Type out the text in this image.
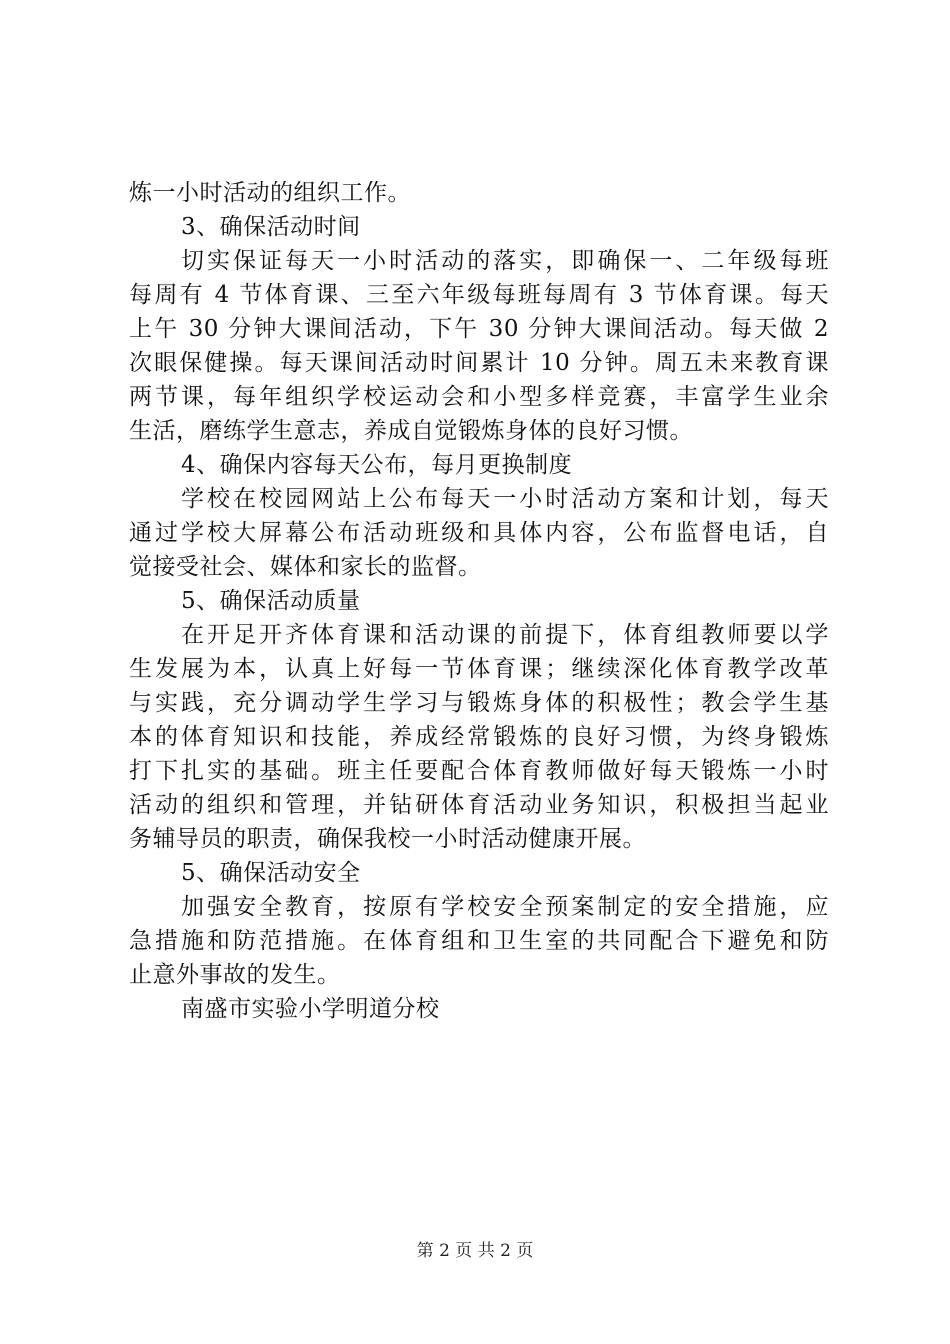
炼一小时活动的组织工作。
3、确保活动时间
切实保证每天一小时活动的落实，即确保一、二年级每班
每周有 4 节体育课、三至六年级每班每周有 3 节体育课。每天
上午 30 分钟大课间活动，下午 30 分钟大课间活动。每天做 2
次眼保健操。每天课间活动时间累计 10 分钟。周五未来教育课
两节课，每年组织学校运动会和小型多样竞赛，丰富学生业余
生活，磨练学生意志，养成自觉锻炼身体的良好习惯。
4、确保内容每天公布，每月更换制度
学校在校园网站上公布每天一小时活动方案和计划，每天
通过学校大屏幕公布活动班级和具体内容，公布监督电话，自
觉接受社会、媒体和家长的监督。
5、确保活动质量
在开足开齐体育课和活动课的前提下，体育组教师要以学
生发展为本，认真上好每一节体育课；继续深化体育教学改革
与实践，充分调动学生学习与锻炼身体的积极性；教会学生基
本的体育知识和技能，养成经常锻炼的良好习惯，为终身锻炼
打下扎实的基础。班主任要配合体育教师做好每天锻炼一小时
活动的组织和管理，并钻研体育活动业务知识，积极担当起业
务辅导员的职责，确保我校一小时活动健康开展。
5、确保活动安全
加强安全教育，按原有学校安全预案制定的安全措施，应
急措施和防范措施。在体育组和卫生室的共同配合下避免和防
止意外事故的发生。
南盛市实验小学明道分校
第 2 页 共 2 页
